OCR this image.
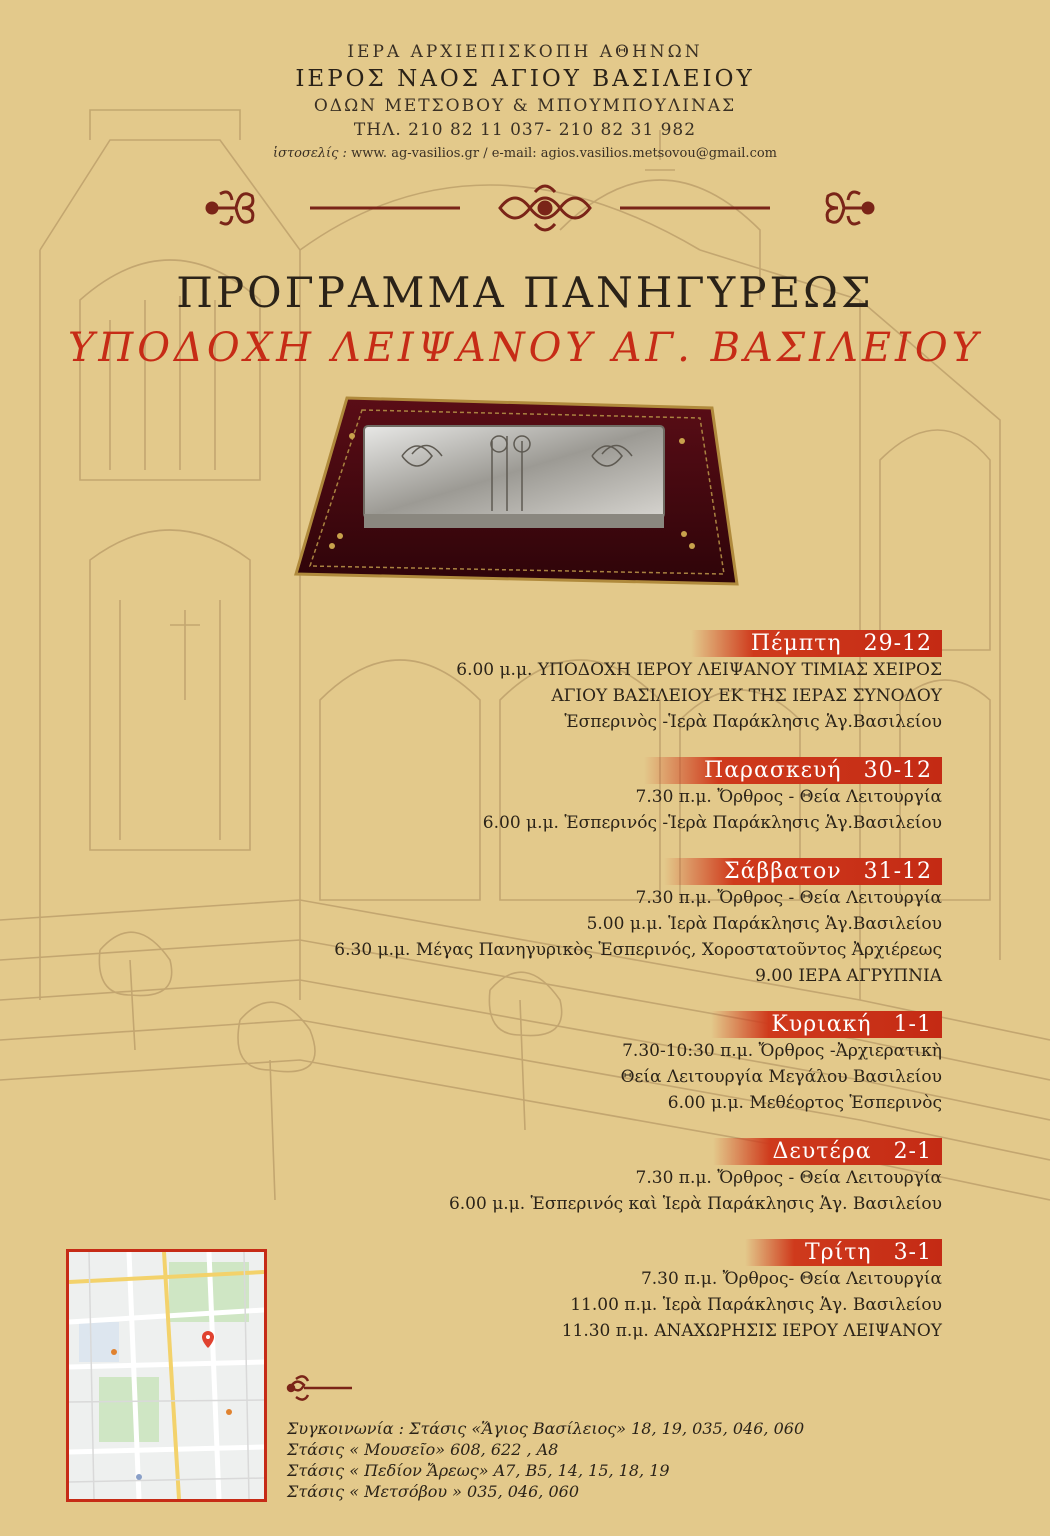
ΙΕΡΑ ΑΡΧΙΕΠΙΣΚΟΠΗ ΑΘΗΝΩΝ
ΙΕΡΟΣ ΝΑΟΣ ΑΓΙΟΥ ΒΑΣΙΛΕΙΟΥ
ΟΔΩΝ ΜΕΤΣΟΒΟΥ & ΜΠΟΥΜΠΟΥΛΙΝΑΣ
ΤΗΛ. 210 82 11 037- 210 82 31 982
ἱστοσελίς : www. ag-vasilios.gr / e-mail: agios.vasilios.metsovou@gmail.com
ΠΡΟΓΡΑΜΜΑ ΠΑΝΗΓΥΡΕΩΣ
ΥΠΟΔΟΧΗ ΛΕΙΨΑΝΟΥ ΑΓ. ΒΑΣΙΛΕΙΟΥ
Πέμπτη 29-12
6.00 μ.μ. ΥΠΟΔΟΧΗ ΙΕΡΟΥ ΛΕΙΨΑΝΟΥ ΤΙΜΙΑΣ ΧΕΙΡΟΣ
ΑΓΙΟΥ ΒΑΣΙΛΕΙΟΥ ΕΚ ΤΗΣ ΙΕΡΑΣ ΣΥΝΟΔΟΥ
Ἑσπερινὸς -Ἱερὰ Παράκλησις Ἁγ.Βασιλείου
Παρασκευή 30-12
7.30 π.μ. Ὄρθρος - Θεία Λειτουργία
6.00 μ.μ. Ἑσπερινός -Ἱερὰ Παράκλησις Ἁγ.Βασιλείου
Σάββατον 31-12
7.30 π.μ. Ὄρθρος - Θεία Λειτουργία
5.00 μ.μ. Ἱερὰ Παράκλησις Ἁγ.Βασιλείου
6.30 μ.μ. Μέγας Πανηγυρικὸς Ἑσπερινός, Χοροστατοῦντος Ἀρχιέρεως
9.00 ΙΕΡΑ ΑΓΡΥΠΝΙΑ
Κυριακή 1-1
7.30-10:30 π.μ. Ὄρθρος -Ἀρχιερατικὴ
Θεία Λειτουργία Μεγάλου Βασιλείου
6.00 μ.μ. Μεθέορτος Ἑσπερινὸς
Δευτέρα 2-1
7.30 π.μ. Ὄρθρος - Θεία Λειτουργία
6.00 μ.μ. Ἑσπερινός καὶ Ἱερὰ Παράκλησις Ἁγ. Βασιλείου
Τρίτη 3-1
7.30 π.μ. Ὄρθρος- Θεία Λειτουργία
11.00 π.μ. Ἱερὰ Παράκλησις Ἁγ. Βασιλείου
11.30 π.μ. ΑΝΑΧΩΡΗΣΙΣ ΙΕΡΟΥ ΛΕΙΨΑΝΟΥ
Συγκοινωνία : Στάσις «Ἅγιος Βασίλειος» 18, 19, 035, 046, 060
Στάσις « Μουσεῖο» 608, 622 , Α8
Στάσις « Πεδίον Ἄρεως» Α7, Β5, 14, 15, 18, 19
Στάσις « Μετσόβου » 035, 046, 060
